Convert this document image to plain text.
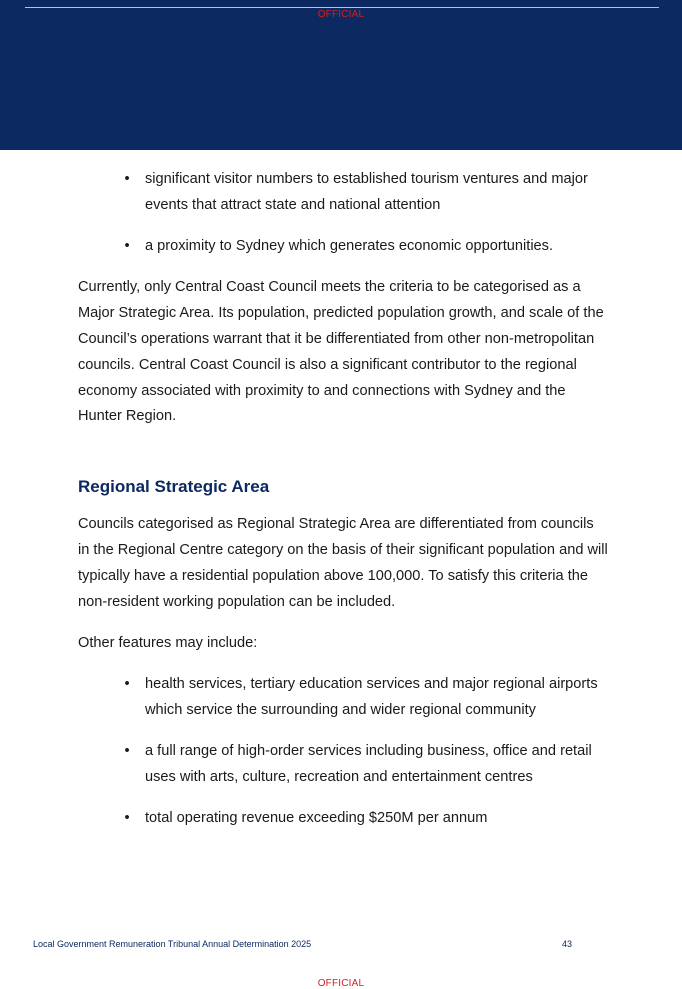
OFFICIAL
• significant visitor numbers to established tourism ventures and major events that attract state and national attention
• a proximity to Sydney which generates economic opportunities.

Currently, only Central Coast Council meets the criteria to be categorised as a Major Strategic Area. Its population, predicted population growth, and scale of the Council’s operations warrant that it be differentiated from other non-metropolitan councils. Central Coast Council is also a significant contributor to the regional economy associated with proximity to and connections with Sydney and the Hunter Region.

Regional Strategic Area

Councils categorised as Regional Strategic Area are differentiated from councils in the Regional Centre category on the basis of their significant population and will typically have a residential population above 100,000. To satisfy this criteria the non-resident working population can be included.

Other features may include:

• health services, tertiary education services and major regional airports which service the surrounding and wider regional community
• a full range of high-order services including business, office and retail uses with arts, culture, recreation and entertainment centres
• total operating revenue exceeding $250M per annum
Local Government Remuneration Tribunal Annual Determination 2025	43
OFFICIAL
